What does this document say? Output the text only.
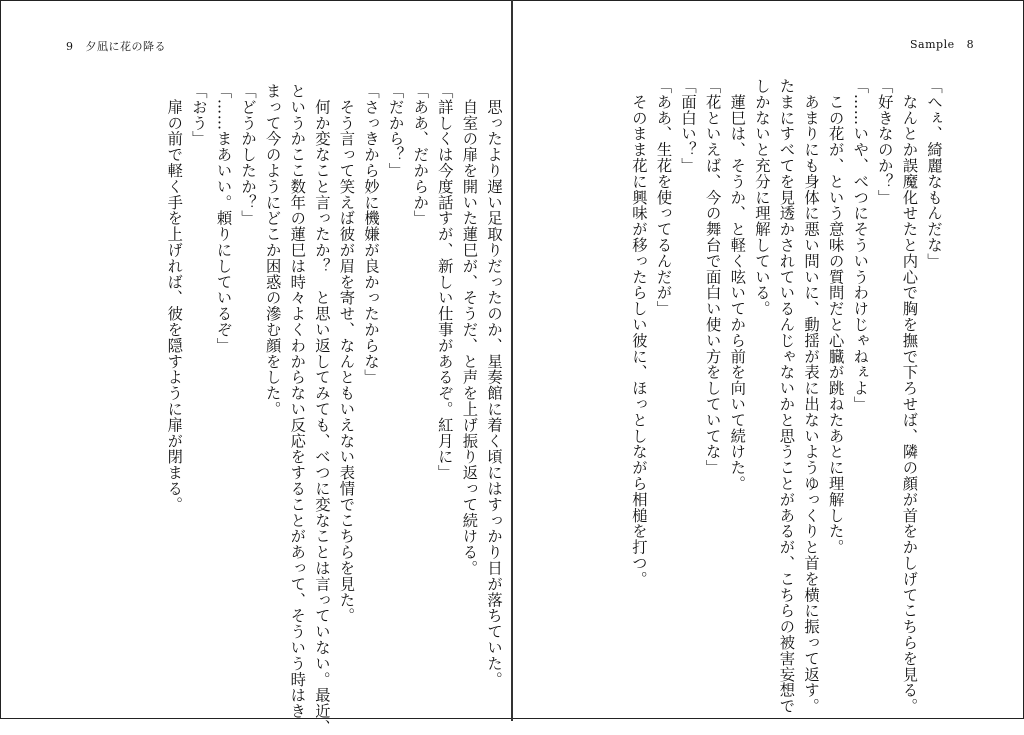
9 夕凪に花の降る	Sample 8
「へぇ、綺麗なもんだな」
　なんとか誤魔化せたと内心で胸を撫で下ろせば、隣の顔が首をかしげてこちらを見る。
「好きなのか？」
「……いや、べつにそういうわけじゃねぇよ」
　この花が、という意味の質問だと心臓が跳ねたあとに理解した。
　あまりにも身体に悪い問いに、動揺が表に出ないようゆっくりと首を横に振って返す。
たまにすべてを見透かされているんじゃないかと思うことがあるが、こちらの被害妄想で
しかないと充分に理解している。
　蓮巳は、そうか、と軽く呟いてから前を向いて続けた。
「花といえば、今の舞台で面白い使い方をしていてな」
「面白い？」
「ああ、生花を使ってるんだが」
　そのまま花に興味が移ったらしい彼に、ほっとしながら相槌を打つ。
　思ったより遅い足取りだったのか、星奏館に着く頃にはすっかり日が落ちていた。
　自室の扉を開いた蓮巳が、そうだ、と声を上げ振り返って続ける。
「詳しくは今度話すが、新しい仕事があるぞ。紅月に」
「ああ、だからか」
「だから？」
「さっきから妙に機嫌が良かったからな」
　そう言って笑えば彼が眉を寄せ、なんともいえない表情でこちらを見た。
　何か変なこと言ったか？　と思い返してみても、べつに変なことは言っていない。最近、
というかここ数年の蓮巳は時々よくわからない反応をすることがあって、そういう時はき
まって今のようにどこか困惑の滲む顔をした。
「どうかしたか？」
「……まあいい。頼りにしているぞ」
「おう」
　扉の前で軽く手を上げれば、彼を隠すように扉が閉まる。
